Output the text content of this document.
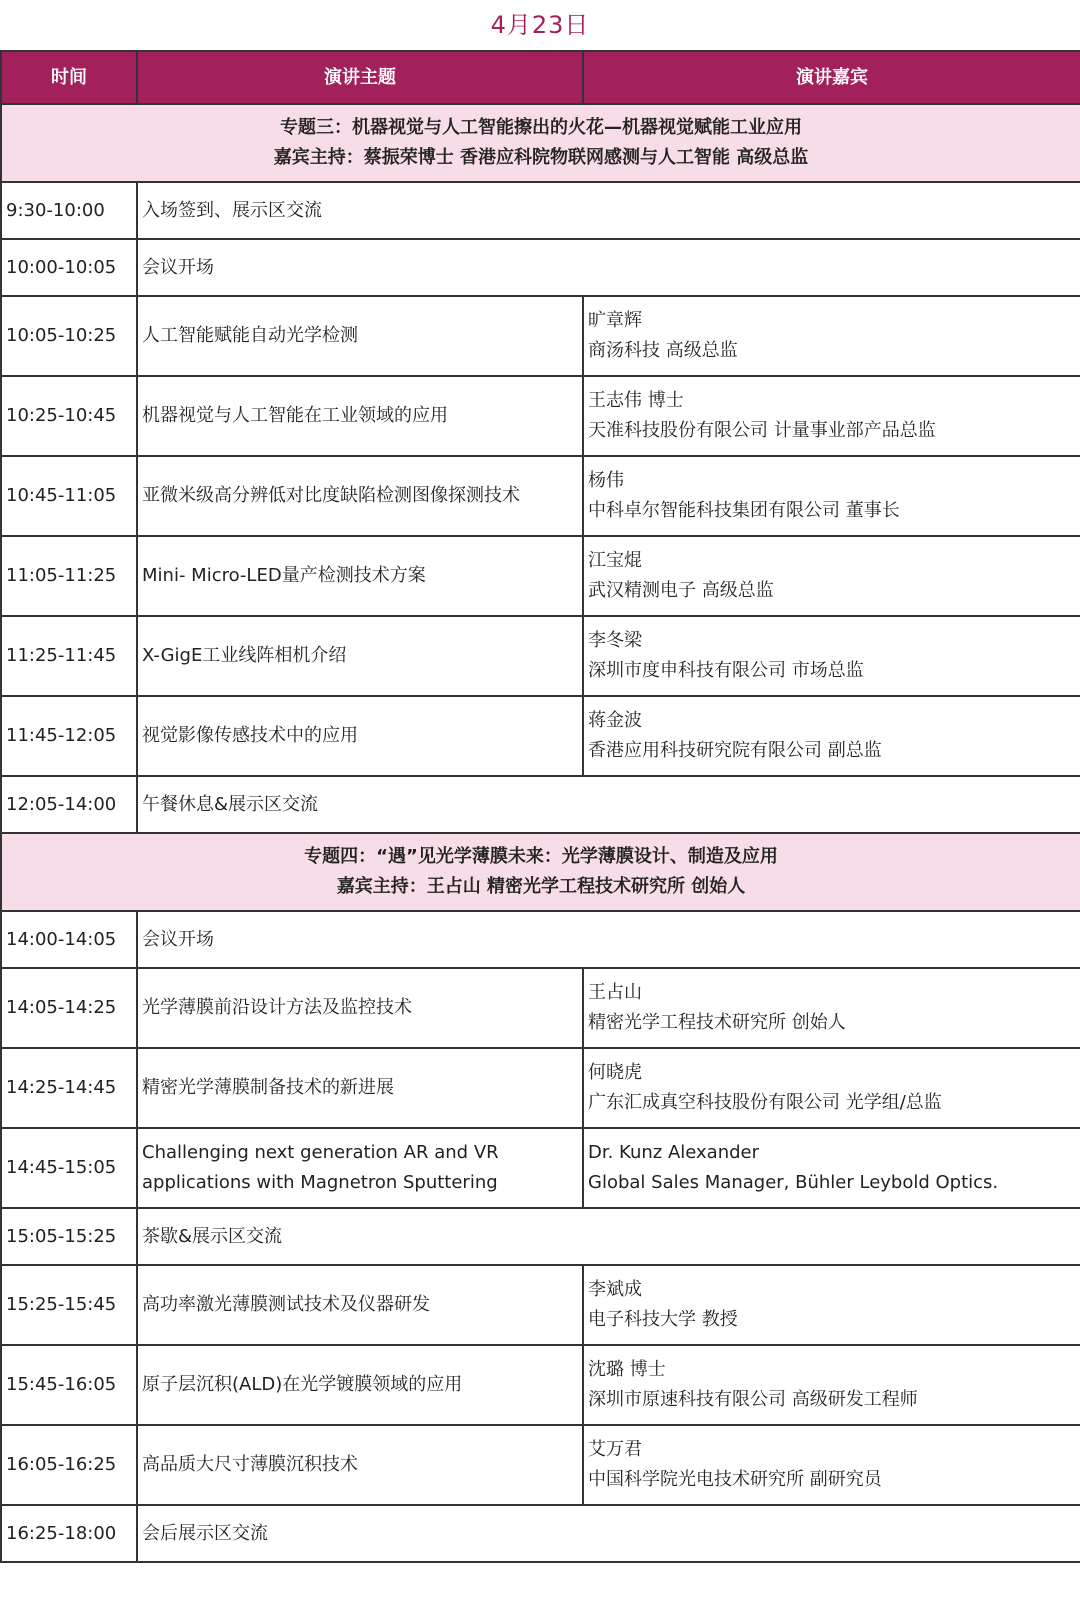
4月23日
时间	演讲主题	演讲嘉宾

专题三：机器视觉与人工智能擦出的火花—机器视觉赋能工业应用
嘉宾主持：蔡振荣博士 香港应科院物联网感测与人工智能 高级总监		

9:30-10:00	入场签到、展示区交流	

10:00-10:05	会议开场	

10:05-10:25	人工智能赋能自动光学检测	旷章辉
商汤科技 高级总监

10:25-10:45	机器视觉与人工智能在工业领域的应用	王志伟 博士
天准科技股份有限公司 计量事业部产品总监

10:45-11:05	亚微米级高分辨低对比度缺陷检测图像探测技术	杨伟
中科卓尔智能科技集团有限公司 董事长

11:05-11:25	Mini- Micro-LED量产检测技术方案	江宝焜
武汉精测电子 高级总监

11:25-11:45	X-GigE工业线阵相机介绍	李冬梁
深圳市度申科技有限公司 市场总监

11:45-12:05	视觉影像传感技术中的应用	蒋金波
香港应用科技研究院有限公司 副总监

12:05-14:00	午餐休息&展示区交流	

专题四：“遇”见光学薄膜未来：光学薄膜设计、制造及应用
嘉宾主持：王占山 精密光学工程技术研究所 创始人		

14:00-14:05	会议开场	

14:05-14:25	光学薄膜前沿设计方法及监控技术	王占山
精密光学工程技术研究所 创始人

14:25-14:45	精密光学薄膜制备技术的新进展	何晓虎
广东汇成真空科技股份有限公司 光学组/总监

14:45-15:05	Challenging next generation AR and VR
applications with Magnetron Sputtering	Dr. Kunz Alexander
Global Sales Manager, Bühler Leybold Optics.

15:05-15:25	茶歇&展示区交流	

15:25-15:45	高功率激光薄膜测试技术及仪器研发	李斌成
电子科技大学 教授

15:45-16:05	原子层沉积(ALD)在光学镀膜领域的应用	沈璐 博士
深圳市原速科技有限公司 高级研发工程师

16:05-16:25	高品质大尺寸薄膜沉积技术	艾万君
中国科学院光电技术研究所 副研究员

16:25-18:00	会后展示区交流	
